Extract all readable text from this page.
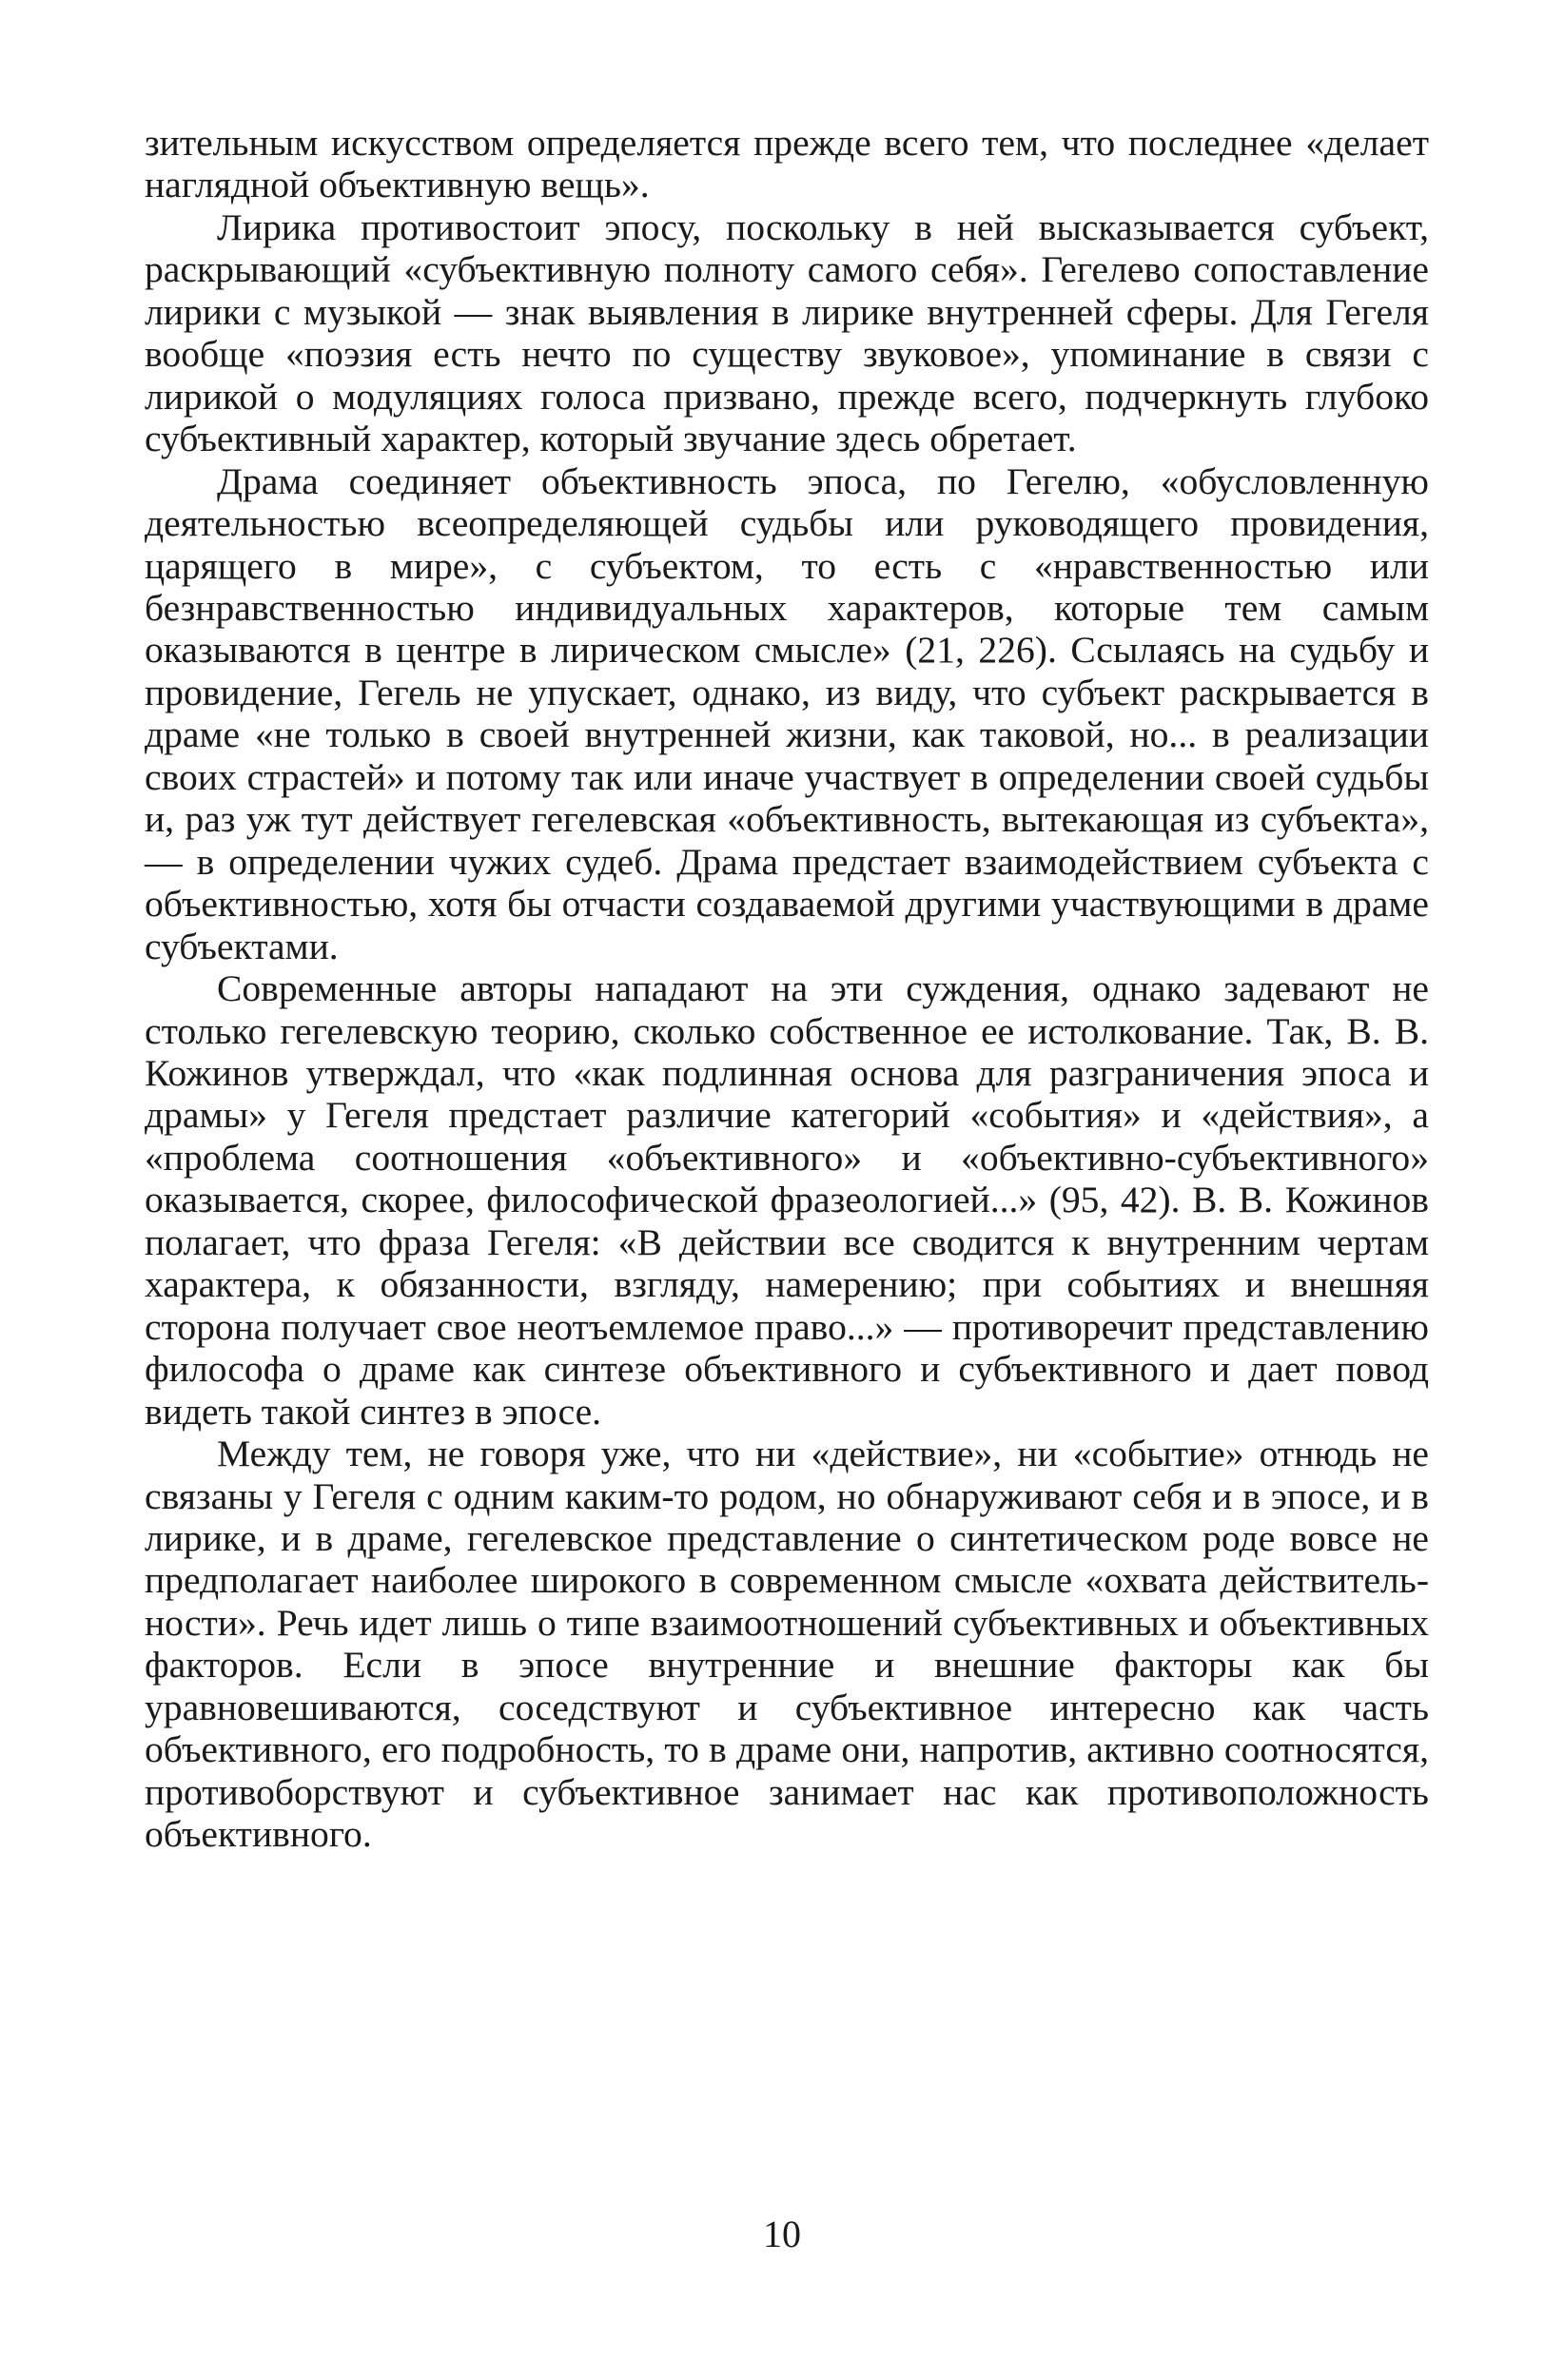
зительным искусством определяется прежде всего тем, что последнее «делает наглядной объективную вещь».

Лирика противостоит эпосу, поскольку в ней высказывается субъект, раскрывающий «субъективную полноту самого себя». Гегелево сопоставление лирики с музыкой — знак выявления в лирике внутренней сферы. Для Гегеля вообще «поэзия есть нечто по существу звуковое», упоминание в связи с лирикой о модуляциях голоса призвано, прежде всего, подчеркнуть глубоко субъективный характер, который звучание здесь обретает.

Драма соединяет объективность эпоса, по Гегелю, «обусловленную деятельностью всеопределяющей судьбы или руководящего провидения, царящего в мире», с субъектом, то есть с «нравственностью или безнравственностью индивидуальных характеров, которые тем самым оказываются в центре в лирическом смысле» (21, 226). Ссылаясь на судьбу и провидение, Гегель не упускает, однако, из виду, что субъект раскрывается в драме «не только в своей внутренней жизни, как таковой, но... в реализации своих страстей» и потому так или иначе участвует в определении своей судьбы и, раз уж тут действует гегелевская «объективность, вытекающая из субъекта»,— в определении чужих судеб. Драма предстает взаимодействием субъекта с объективностью, хотя бы отчасти создаваемой другими участвующими в драме субъектами.

Современные авторы нападают на эти суждения, однако задевают не столько гегелевскую теорию, сколько собственное ее истолкование. Так, В. В. Кожинов утверждал, что «как подлинная основа для разграничения эпоса и драмы» у Гегеля предстает различие категорий «события» и «действия», а «проблема соотношения «объективного» и «объективно-субъективного» оказывается, скорее, философической фразеологией...» (95, 42). В. В. Кожинов полагает, что фраза Гегеля: «В действии все сводится к внутренним чертам характера, к обязанности, взгляду, намерению; при событиях и внешняя сторона получает свое неотъемлемое право...» — противоречит представлению философа о драме как синтезе объективного и субъективного и дает повод видеть такой синтез в эпосе.

Между тем, не говоря уже, что ни «действие», ни «событие» отнюдь не связаны у Гегеля с одним каким-то родом, но обнаруживают себя и в эпосе, и в лирике, и в драме, гегелевское представление о синтетическом роде вовсе не предполагает наиболее широкого в современном смысле «охвата действительности». Речь идет лишь о типе взаимоотношений субъективных и объективных факторов. Если в эпосе внутренние и внешние факторы как бы уравновешиваются, соседствуют и субъективное интересно как часть объективного, его подробность, то в драме они, напротив, активно соотносятся, противоборствуют и субъективное занимает нас как противоположность объективного.

10
